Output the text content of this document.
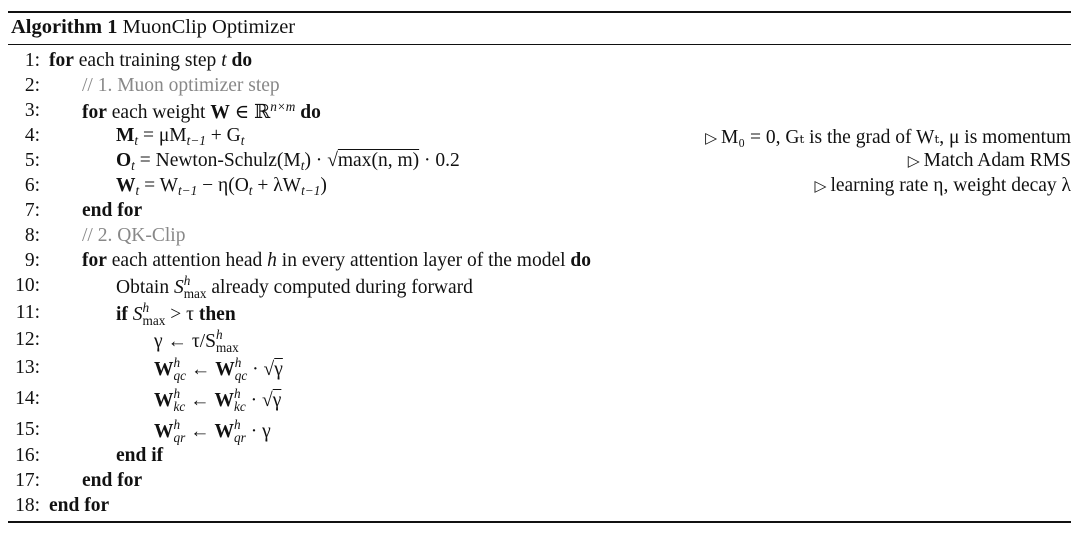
Algorithm 1 MuonClip Optimizer
1: for each training step t do
2: // 1. Muon optimizer step
3: for each weight W ∈ ℝ$^{n\times m}$ do
4:	$M_t = \mu M_{t-1} + G_t$	▷ M₀ = 0, Gₜ is the grad of Wₜ, μ is momentum
5:	$O_t$ = Newton-$Schulz(M_t) \cdot √\max(n$, m) · 0.2	▷ Match Adam RMS
6:	$W_t = W_{t-1} - \eta(O_t + \lambda W_{t-1})$	▷ learning rate η, weight decay λ
7: end for
8: // 2. QK-Clip
9: for each attention head h in every attention layer of the model do
10:	Obtain S h
max already computed during forward
11:	if S h
max > τ then
12:	γ ← τ/S h
max
13:	W h
qc ← W h
qc · √γ
14:	W h
kc ← W h
kc · √γ
15:	W h
qr ← W h
qr · γ
16:	end if
17: end for
18: end for
